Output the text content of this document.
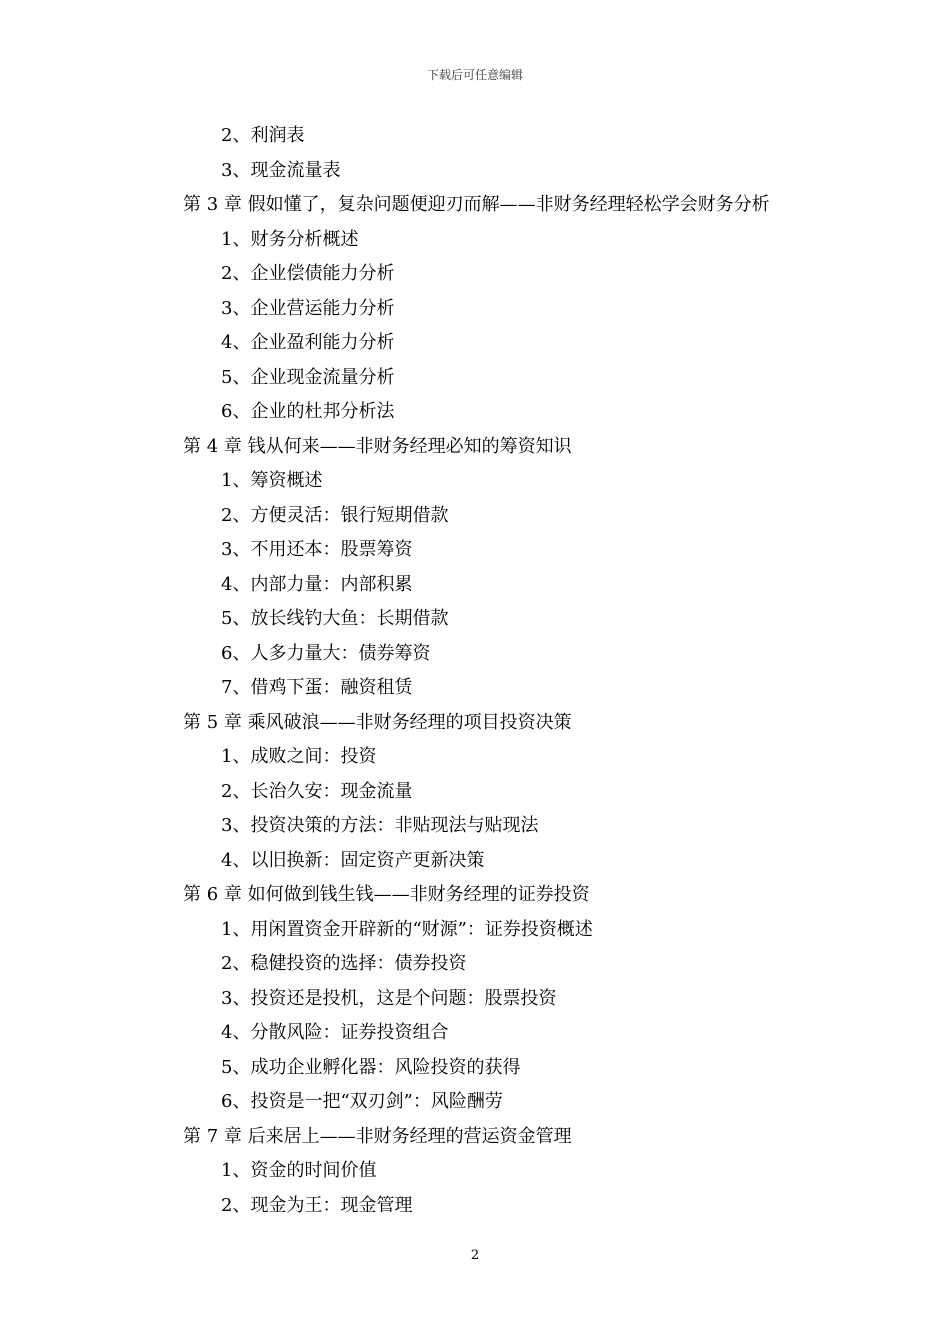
下载后可任意编辑
2、利润表
3、现金流量表
第 3 章 假如懂了，复杂问题便迎刃而解——非财务经理轻松学会财务分析
1、财务分析概述
2、企业偿债能力分析
3、企业营运能力分析
4、企业盈利能力分析
5、企业现金流量分析
6、企业的杜邦分析法
第 4 章 钱从何来——非财务经理必知的筹资知识
1、筹资概述
2、方便灵活：银行短期借款
3、不用还本：股票筹资
4、内部力量：内部积累
5、放长线钓大鱼：长期借款
6、人多力量大：债券筹资
7、借鸡下蛋：融资租赁
第 5 章 乘风破浪——非财务经理的项目投资决策
1、成败之间：投资
2、长治久安：现金流量
3、投资决策的方法：非贴现法与贴现法
4、以旧换新：固定资产更新决策
第 6 章 如何做到钱生钱——非财务经理的证券投资
1、用闲置资金开辟新的“财源”：证券投资概述
2、稳健投资的选择：债券投资
3、投资还是投机，这是个问题：股票投资
4、分散风险：证券投资组合
5、成功企业孵化器：风险投资的获得
6、投资是一把“双刃剑”：风险酬劳
第 7 章 后来居上——非财务经理的营运资金管理
1、资金的时间价值
2、现金为王：现金管理
2
